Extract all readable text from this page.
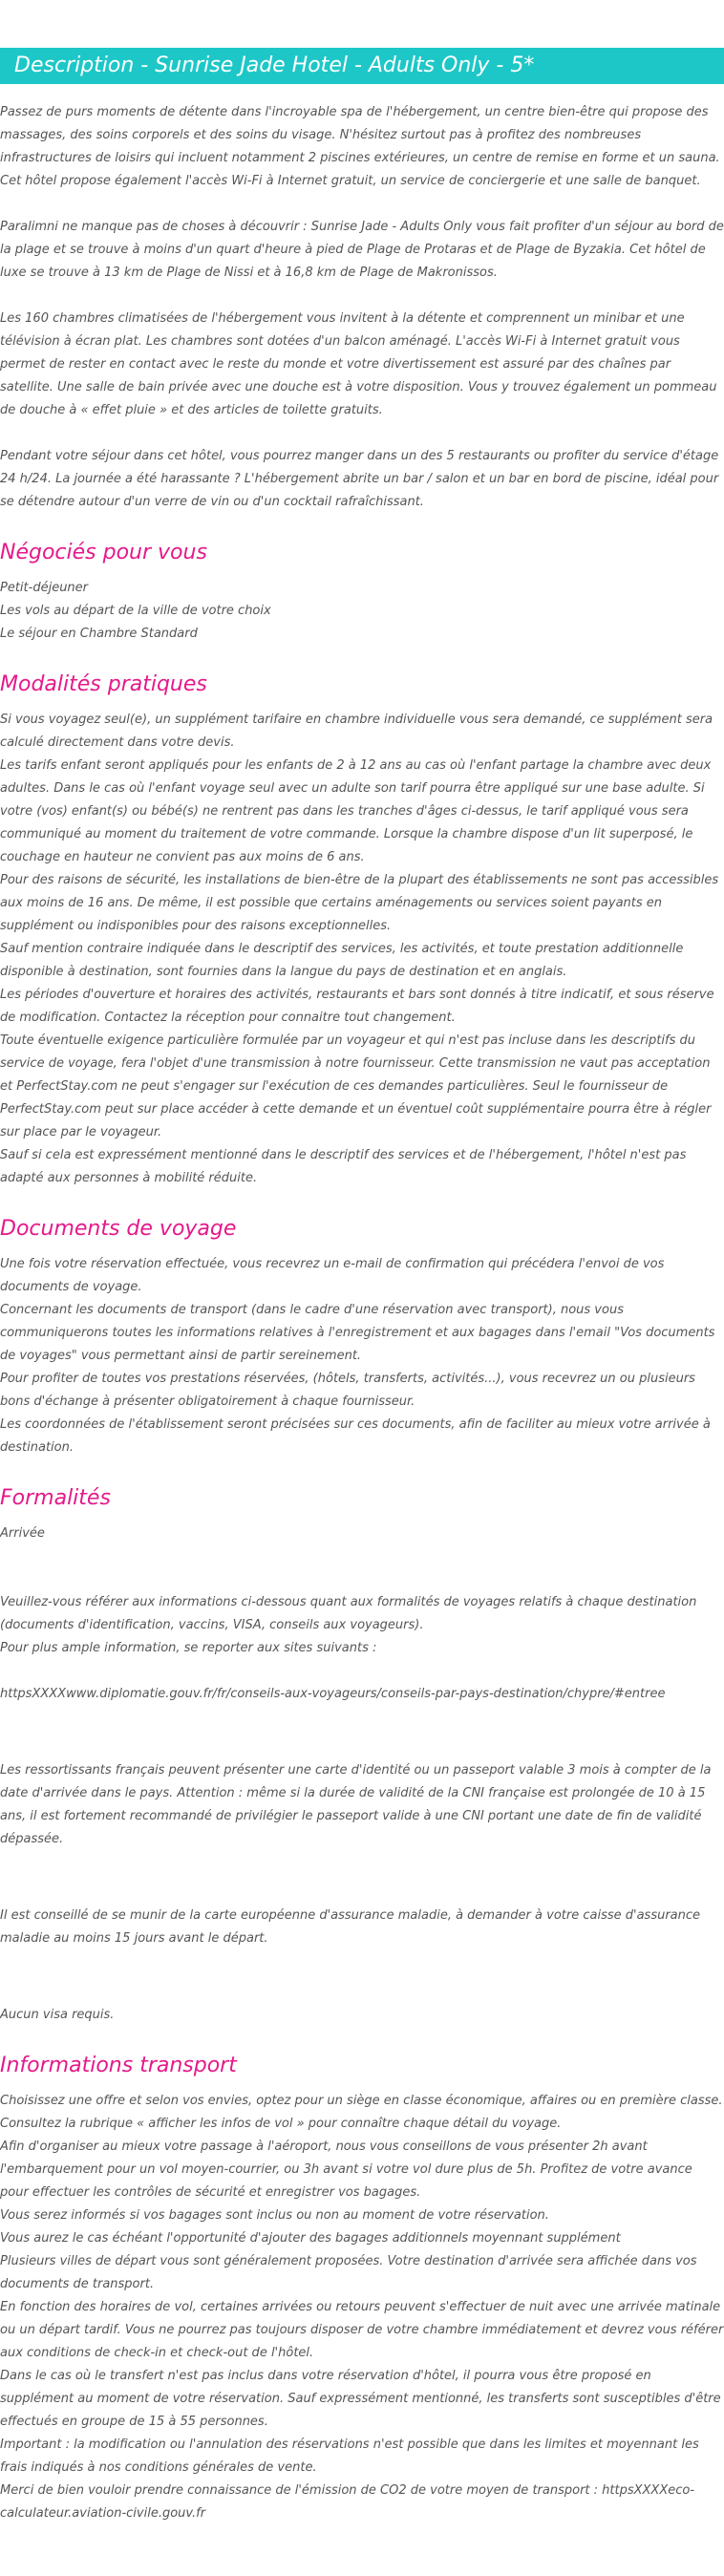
Description - Sunrise Jade Hotel - Adults Only - 5*

Passez de purs moments de détente dans l'incroyable spa de l'hébergement, un centre bien-être qui propose des massages, des soins corporels et des soins du visage. N'hésitez surtout pas à profitez des nombreuses infrastructures de loisirs qui incluent notamment 2 piscines extérieures, un centre de remise en forme et un sauna. Cet hôtel propose également l'accès Wi-Fi à Internet gratuit, un service de conciergerie et une salle de banquet.

Paralimni ne manque pas de choses à découvrir : Sunrise Jade - Adults Only vous fait profiter d'un séjour au bord de la plage et se trouve à moins d'un quart d'heure à pied de Plage de Protaras et de Plage de Byzakia. Cet hôtel de luxe se trouve à 13 km de Plage de Nissi et à 16,8 km de Plage de Makronissos.

Les 160 chambres climatisées de l'hébergement vous invitent à la détente et comprennent un minibar et une télévision à écran plat. Les chambres sont dotées d'un balcon aménagé. L'accès Wi-Fi à Internet gratuit vous permet de rester en contact avec le reste du monde et votre divertissement est assuré par des chaînes par satellite. Une salle de bain privée avec une douche est à votre disposition. Vous y trouvez également un pommeau de douche à « effet pluie » et des articles de toilette gratuits.

Pendant votre séjour dans cet hôtel, vous pourrez manger dans un des 5 restaurants ou profiter du service d'étage 24 h/24. La journée a été harassante ? L'hébergement abrite un bar / salon et un bar en bord de piscine, idéal pour se détendre autour d'un verre de vin ou d'un cocktail rafraîchissant.

Négociés pour vous
Petit-déjeuner
Les vols au départ de la ville de votre choix
Le séjour en Chambre Standard
Modalités pratiques

Si vous voyagez seul(e), un supplément tarifaire en chambre individuelle vous sera demandé, ce supplément sera calculé directement dans votre devis.

Les tarifs enfant seront appliqués pour les enfants de 2 à 12 ans au cas où l'enfant partage la chambre avec deux adultes. Dans le cas où l'enfant voyage seul avec un adulte son tarif pourra être appliqué sur une base adulte. Si votre (vos) enfant(s) ou bébé(s) ne rentrent pas dans les tranches d'âges ci-dessus, le tarif appliqué vous sera communiqué au moment du traitement de votre commande. Lorsque la chambre dispose d'un lit superposé, le couchage en hauteur ne convient pas aux moins de 6 ans.

Pour des raisons de sécurité, les installations de bien-être de la plupart des établissements ne sont pas accessibles aux moins de 16 ans. De même, il est possible que certains aménagements ou services soient payants en supplément ou indisponibles pour des raisons exceptionnelles.

Sauf mention contraire indiquée dans le descriptif des services, les activités, et toute prestation additionnelle disponible à destination, sont fournies dans la langue du pays de destination et en anglais.

Les périodes d'ouverture et horaires des activités, restaurants et bars sont donnés à titre indicatif, et sous réserve de modification. Contactez la réception pour connaitre tout changement.

Toute éventuelle exigence particulière formulée par un voyageur et qui n'est pas incluse dans les descriptifs du service de voyage, fera l'objet d'une transmission à notre fournisseur. Cette transmission ne vaut pas acceptation et PerfectStay.com ne peut s'engager sur l'exécution de ces demandes particulières. Seul le fournisseur de PerfectStay.com peut sur place accéder à cette demande et un éventuel coût supplémentaire pourra être à régler sur place par le voyageur.

Sauf si cela est expressément mentionné dans le descriptif des services et de l'hébergement, l'hôtel n'est pas adapté aux personnes à mobilité réduite.

Documents de voyage

Une fois votre réservation effectuée, vous recevrez un e-mail de confirmation qui précédera l'envoi de vos documents de voyage.

Concernant les documents de transport (dans le cadre d'une réservation avec transport), nous vous communiquerons toutes les informations relatives à l'enregistrement et aux bagages dans l'email "Vos documents de voyages" vous permettant ainsi de partir sereinement.

Pour profiter de toutes vos prestations réservées, (hôtels, transferts, activités...), vous recevrez un ou plusieurs bons d'échange à présenter obligatoirement à chaque fournisseur.

Les coordonnées de l'établissement seront précisées sur ces documents, afin de faciliter au mieux votre arrivée à destination.

Formalités

Arrivée

Veuillez-vous référer aux informations ci-dessous quant aux formalités de voyages relatifs à chaque destination (documents d'identification, vaccins, VISA, conseils aux voyageurs).

Pour plus ample information, se reporter aux sites suivants :

httpsXXXXwww.diplomatie.gouv.fr/fr/conseils-aux-voyageurs/conseils-par-pays-destination/chypre/#entree

Les ressortissants français peuvent présenter une carte d'identité ou un passeport valable 3 mois à compter de la date d'arrivée dans le pays. Attention : même si la durée de validité de la CNI française est prolongée de 10 à 15 ans, il est fortement recommandé de privilégier le passeport valide à une CNI portant une date de fin de validité dépassée.

Il est conseillé de se munir de la carte européenne d'assurance maladie, à demander à votre caisse d'assurance maladie au moins 15 jours avant le départ.

Aucun visa requis.

Informations transport

Choisissez une offre et selon vos envies, optez pour un siège en classe économique, affaires ou en première classe. Consultez la rubrique « afficher les infos de vol » pour connaître chaque détail du voyage.

Afin d'organiser au mieux votre passage à l'aéroport, nous vous conseillons de vous présenter 2h avant l'embarquement pour un vol moyen-courrier, ou 3h avant si votre vol dure plus de 5h. Profitez de votre avance pour effectuer les contrôles de sécurité et enregistrer vos bagages.

Vous serez informés si vos bagages sont inclus ou non au moment de votre réservation.

Vous aurez le cas échéant l'opportunité d'ajouter des bagages additionnels moyennant supplément

Plusieurs villes de départ vous sont généralement proposées. Votre destination d'arrivée sera affichée dans vos documents de transport.

En fonction des horaires de vol, certaines arrivées ou retours peuvent s'effectuer de nuit avec une arrivée matinale ou un départ tardif. Vous ne pourrez pas toujours disposer de votre chambre immédiatement et devrez vous référer aux conditions de check-in et check-out de l'hôtel.

Dans le cas où le transfert n'est pas inclus dans votre réservation d'hôtel, il pourra vous être proposé en supplément au moment de votre réservation. Sauf expressément mentionné, les transferts sont susceptibles d'être effectués en groupe de 15 à 55 personnes.

Important : la modification ou l'annulation des réservations n'est possible que dans les limites et moyennant les frais indiqués à nos conditions générales de vente.

Merci de bien vouloir prendre connaissance de l'émission de CO2 de votre moyen de transport : httpsXXXXeco-calculateur.aviation-civile.gouv.fr
